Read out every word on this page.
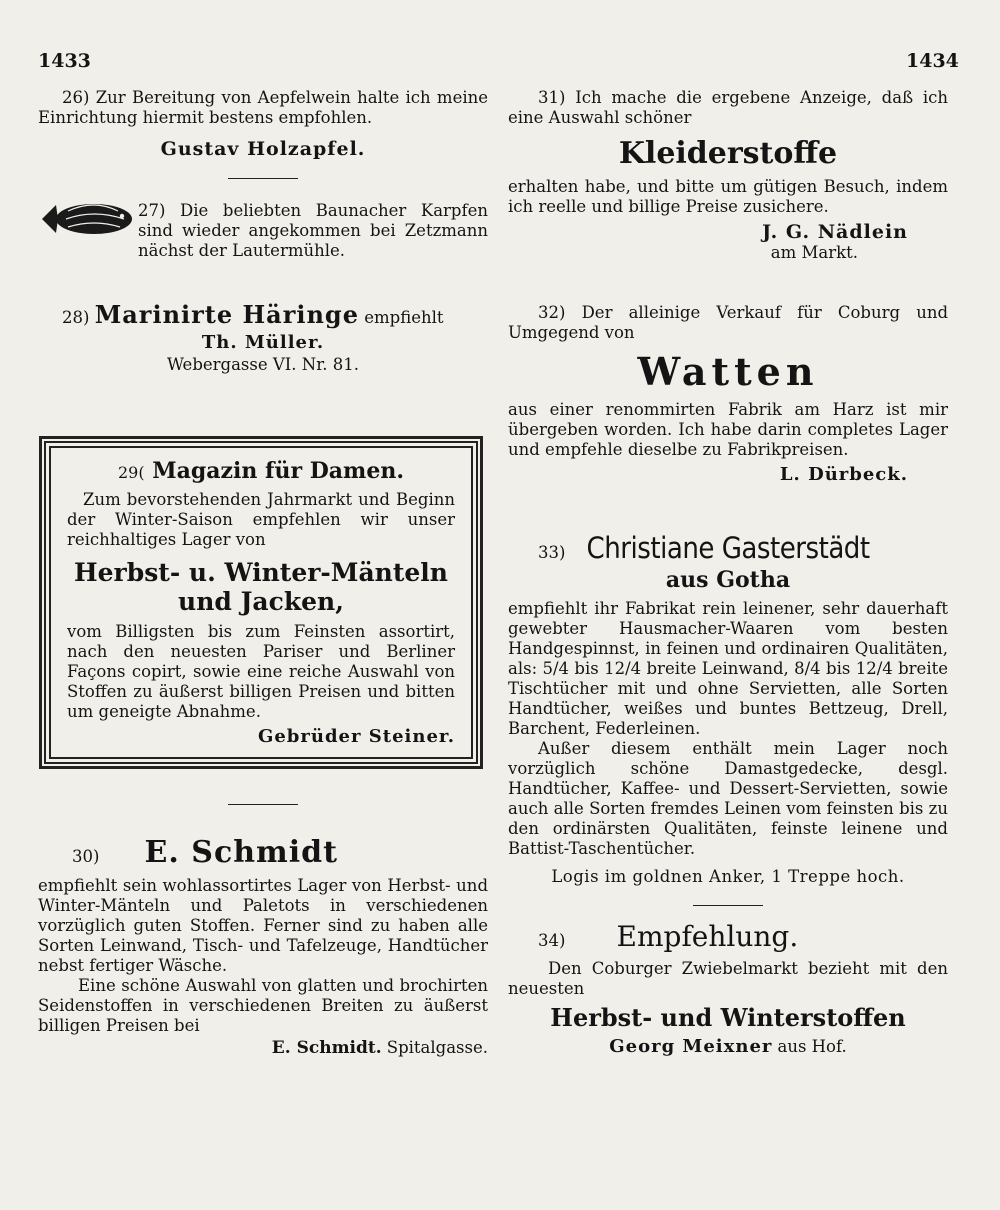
1433	1434

26) Zur Bereitung von Aepfelwein halte ich meine Einrichtung hiermit bestens empfohlen.

Gustav Holzapfel.

27) Die beliebten Baunacher Karpfen sind wieder angekommen bei Zetzmann nächst der Lautermühle.

28) Marinirte Häringe empfiehlt

Th. Müller.

Webergasse VI. Nr. 81.

29( Magazin für Damen.

Zum bevorstehenden Jahrmarkt und Beginn der Winter-Saison empfehlen wir unser reichhaltiges Lager von

Herbst- u. Winter-Mänteln

und Jacken,

vom Billigsten bis zum Feinsten assortirt, nach den neuesten Pariser und Berliner Façons copirt, sowie eine reiche Auswahl von Stoffen zu äußerst billigen Preisen und bitten um geneigte Abnahme.

Gebrüder Steiner.

30) E. Schmidt

empfiehlt sein wohlassortirtes Lager von Herbst- und Winter-Mänteln und Paletots in verschiedenen vorzüglich guten Stoffen. Ferner sind zu haben alle Sorten Leinwand, Tisch- und Tafelzeuge, Handtücher nebst fertiger Wäsche.

Eine schöne Auswahl von glatten und brochirten Seidenstoffen in verschiedenen Breiten zu äußerst billigen Preisen bei

E. Schmidt. Spitalgasse.

31) Ich mache die ergebene Anzeige, daß ich eine Auswahl schöner

Kleiderstoffe

erhalten habe, und bitte um gütigen Besuch, indem ich reelle und billige Preise zusichere.

J. G. Nädlein

am Markt.

32) Der alleinige Verkauf für Coburg und Umgegend von

Watten

aus einer renommirten Fabrik am Harz ist mir übergeben worden. Ich habe darin completes Lager und empfehle dieselbe zu Fabrikpreisen.

L. Dürbeck.

33) Christiane Gasterstädt

aus Gotha

empfiehlt ihr Fabrikat rein leinener, sehr dauerhaft gewebter Hausmacher-Waaren vom besten Handgespinnst, in feinen und ordinairen Qualitäten, als: 5/4 bis 12/4 breite Leinwand, 8/4 bis 12/4 breite Tischtücher mit und ohne Servietten, alle Sorten Handtücher, weißes und buntes Bettzeug, Drell, Barchent, Federleinen.

Außer diesem enthält mein Lager noch vorzüglich schöne Damastgedecke, desgl. Handtücher, Kaffee- und Dessert-Servietten, sowie auch alle Sorten fremdes Leinen vom feinsten bis zu den ordinärsten Qualitäten, feinste leinene und Battist-Taschentücher.

Logis im goldnen Anker, 1 Treppe hoch.

34) Empfehlung.

Den Coburger Zwiebelmarkt bezieht mit den neuesten

Herbst- und Winterstoffen

Georg Meixner aus Hof.
